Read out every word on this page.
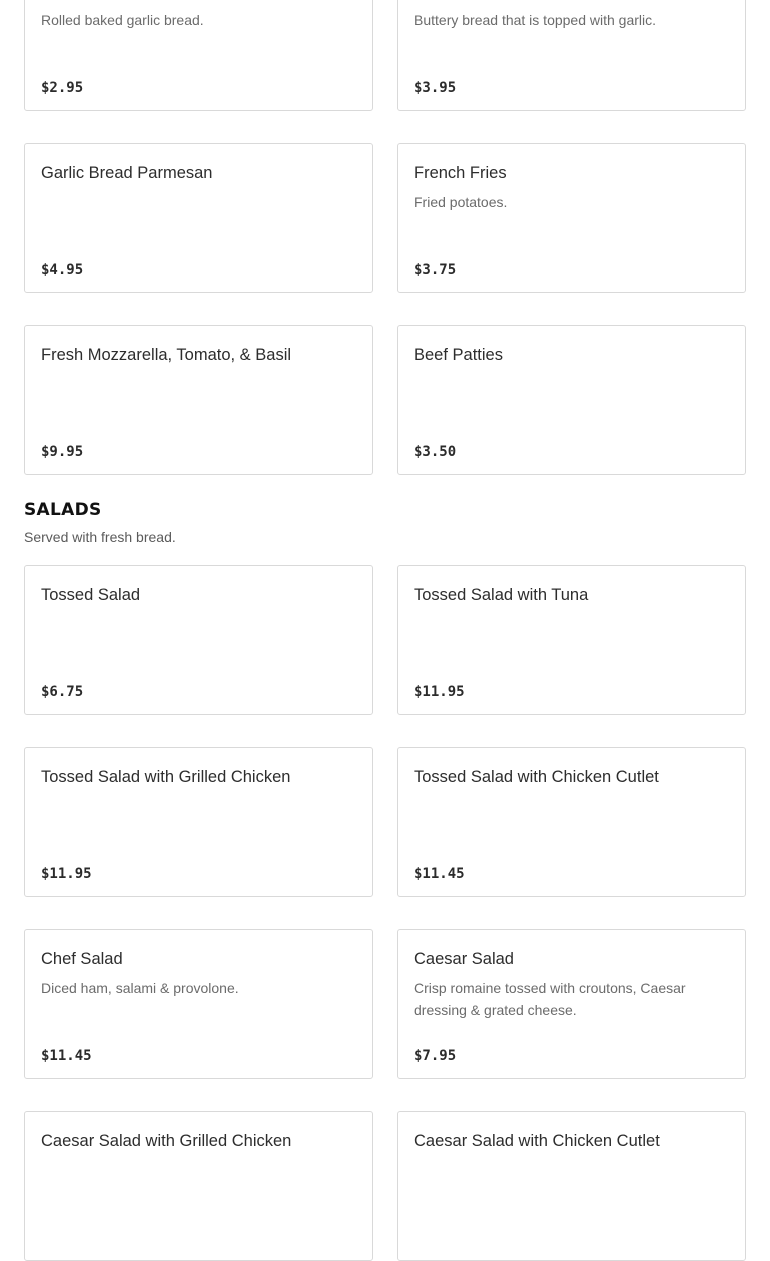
Rolled baked garlic bread.
$2.95
Buttery bread that is topped with garlic.
$3.95
Garlic Bread Parmesan
$4.95
French Fries
Fried potatoes.
$3.75
Fresh Mozzarella, Tomato, & Basil
$9.95
Beef Patties
$3.50
SALADS

Served with fresh bread.

Tossed Salad
$6.75
Tossed Salad with Tuna
$11.95
Tossed Salad with Grilled Chicken
$11.95
Tossed Salad with Chicken Cutlet
$11.45
Chef Salad
Diced ham, salami & provolone.
$11.45
Caesar Salad
Crisp romaine tossed with croutons, Caesar dressing & grated cheese.
$7.95
Caesar Salad with Grilled Chicken	Caesar Salad with Chicken Cutlet
